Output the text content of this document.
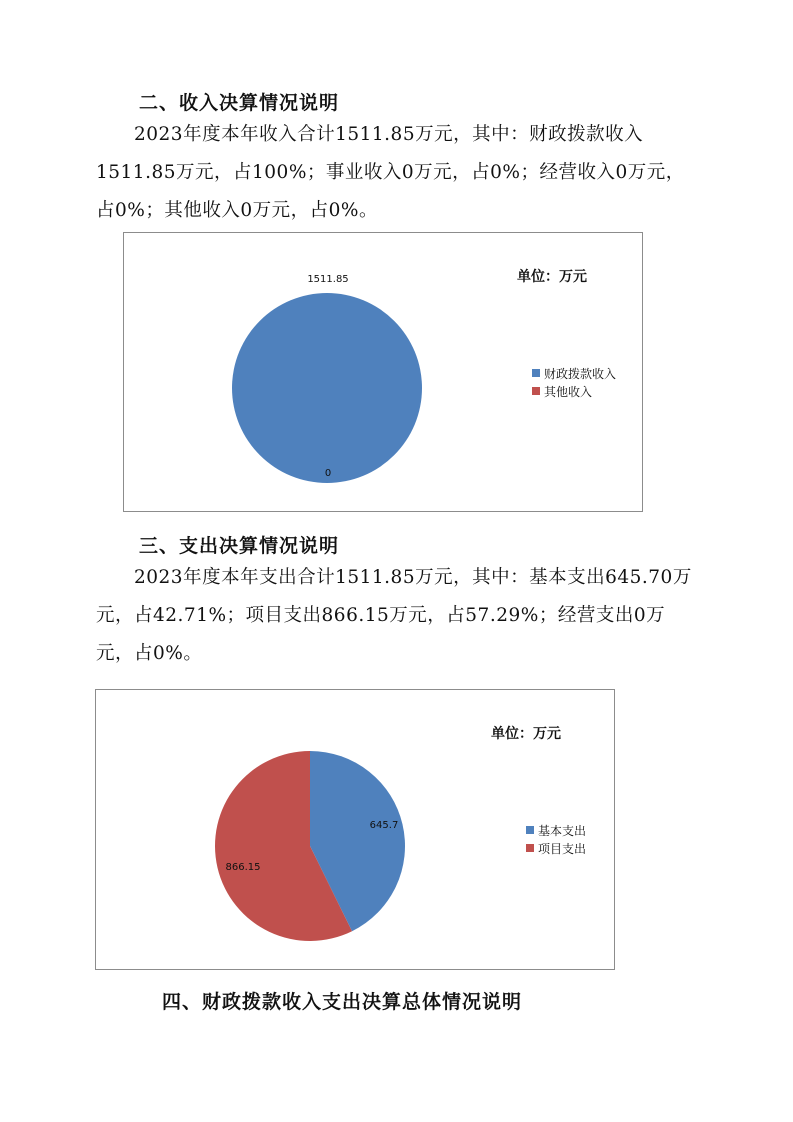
二、收入决算情况说明

2023年度本年收入合计1511.85万元，其中：财政拨款收入1511.85万元，占100%；事业收入0万元，占0%；经营收入0万元，占0%；其他收入0万元，占0%。

1511.85
0
单位：万元
财政拨款收入
其他收入
三、支出决算情况说明

2023年度本年支出合计1511.85万元，其中：基本支出645.70万元，占42.71%；项目支出866.15万元，占57.29%；经营支出0万元，占0%。

645.7
866.15
单位：万元
基本支出
项目支出
四、财政拨款收入支出决算总体情况说明
